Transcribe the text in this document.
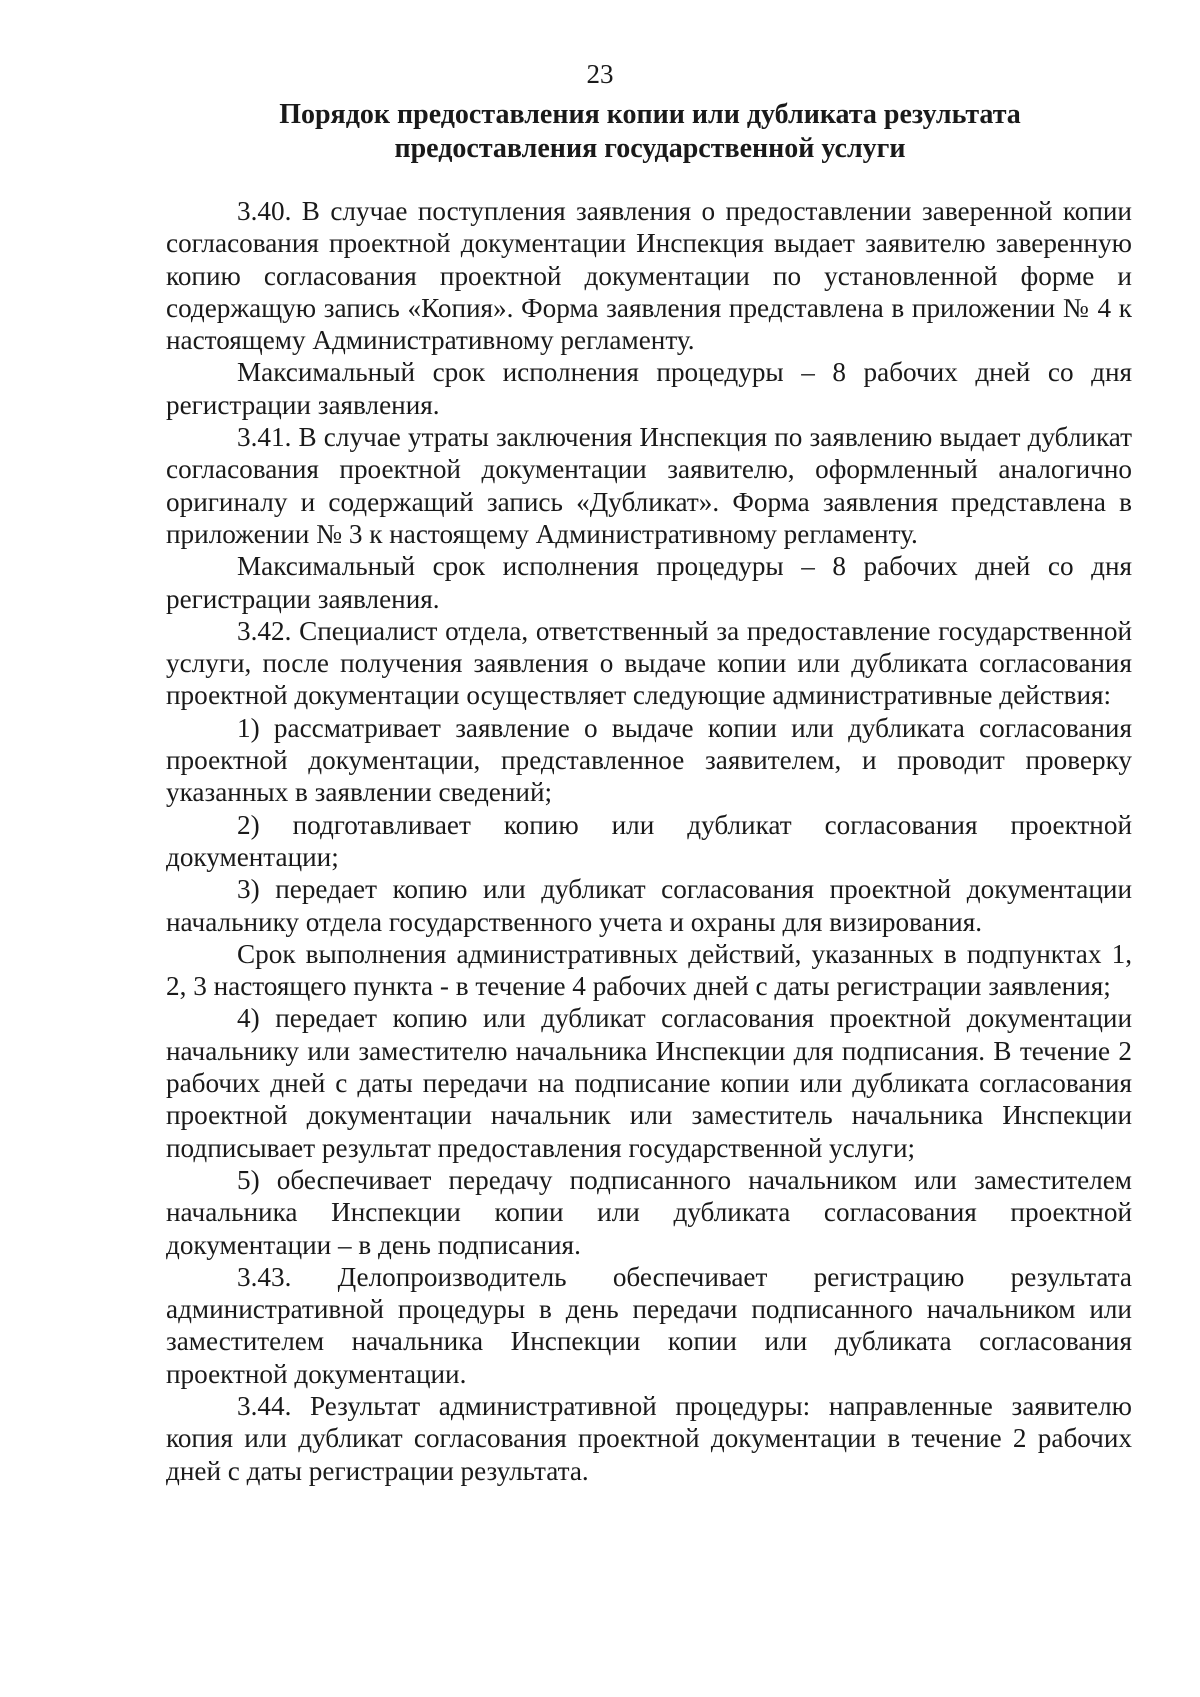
23
Порядок предоставления копии или дубликата результата
предоставления государственной услуги

3.40. В случае поступления заявления о предоставлении заверенной копии согласования проектной документации Инспекция выдает заявителю заверенную копию согласования проектной документации по установленной форме и содержащую запись «Копия». Форма заявления представлена в приложении № 4 к настоящему Административному регламенту.

Максимальный срок исполнения процедуры – 8 рабочих дней со дня регистрации заявления.

3.41. В случае утраты заключения Инспекция по заявлению выдает дубликат согласования проектной документации заявителю, оформленный аналогично оригиналу и содержащий запись «Дубликат». Форма заявления представлена в приложении № 3 к настоящему Административному регламенту.

Максимальный срок исполнения процедуры – 8 рабочих дней со дня регистрации заявления.

3.42. Специалист отдела, ответственный за предоставление государственной услуги, после получения заявления о выдаче копии или дубликата согласования проектной документации осуществляет следующие административные действия:

1) рассматривает заявление о выдаче копии или дубликата согласования проектной документации, представленное заявителем, и проводит проверку указанных в заявлении сведений;

2) подготавливает копию или дубликат согласования проектной документации;

3) передает копию или дубликат согласования проектной документации начальнику отдела государственного учета и охраны для визирования.

Срок выполнения административных действий, указанных в подпунктах 1, 2, 3 настоящего пункта - в течение 4 рабочих дней с даты регистрации заявления;

4) передает копию или дубликат согласования проектной документации начальнику или заместителю начальника Инспекции для подписания. В течение 2 рабочих дней с даты передачи на подписание копии или дубликата согласования проектной документации начальник или заместитель начальника Инспекции подписывает результат предоставления государственной услуги;

5) обеспечивает передачу подписанного начальником или заместителем начальника Инспекции копии или дубликата согласования проектной документации – в день подписания.

3.43. Делопроизводитель обеспечивает регистрацию результата административной процедуры в день передачи подписанного начальником или заместителем начальника Инспекции копии или дубликата согласования проектной документации.

3.44. Результат административной процедуры: направленные заявителю копия или дубликат согласования проектной документации в течение 2 рабочих дней с даты регистрации результата.
